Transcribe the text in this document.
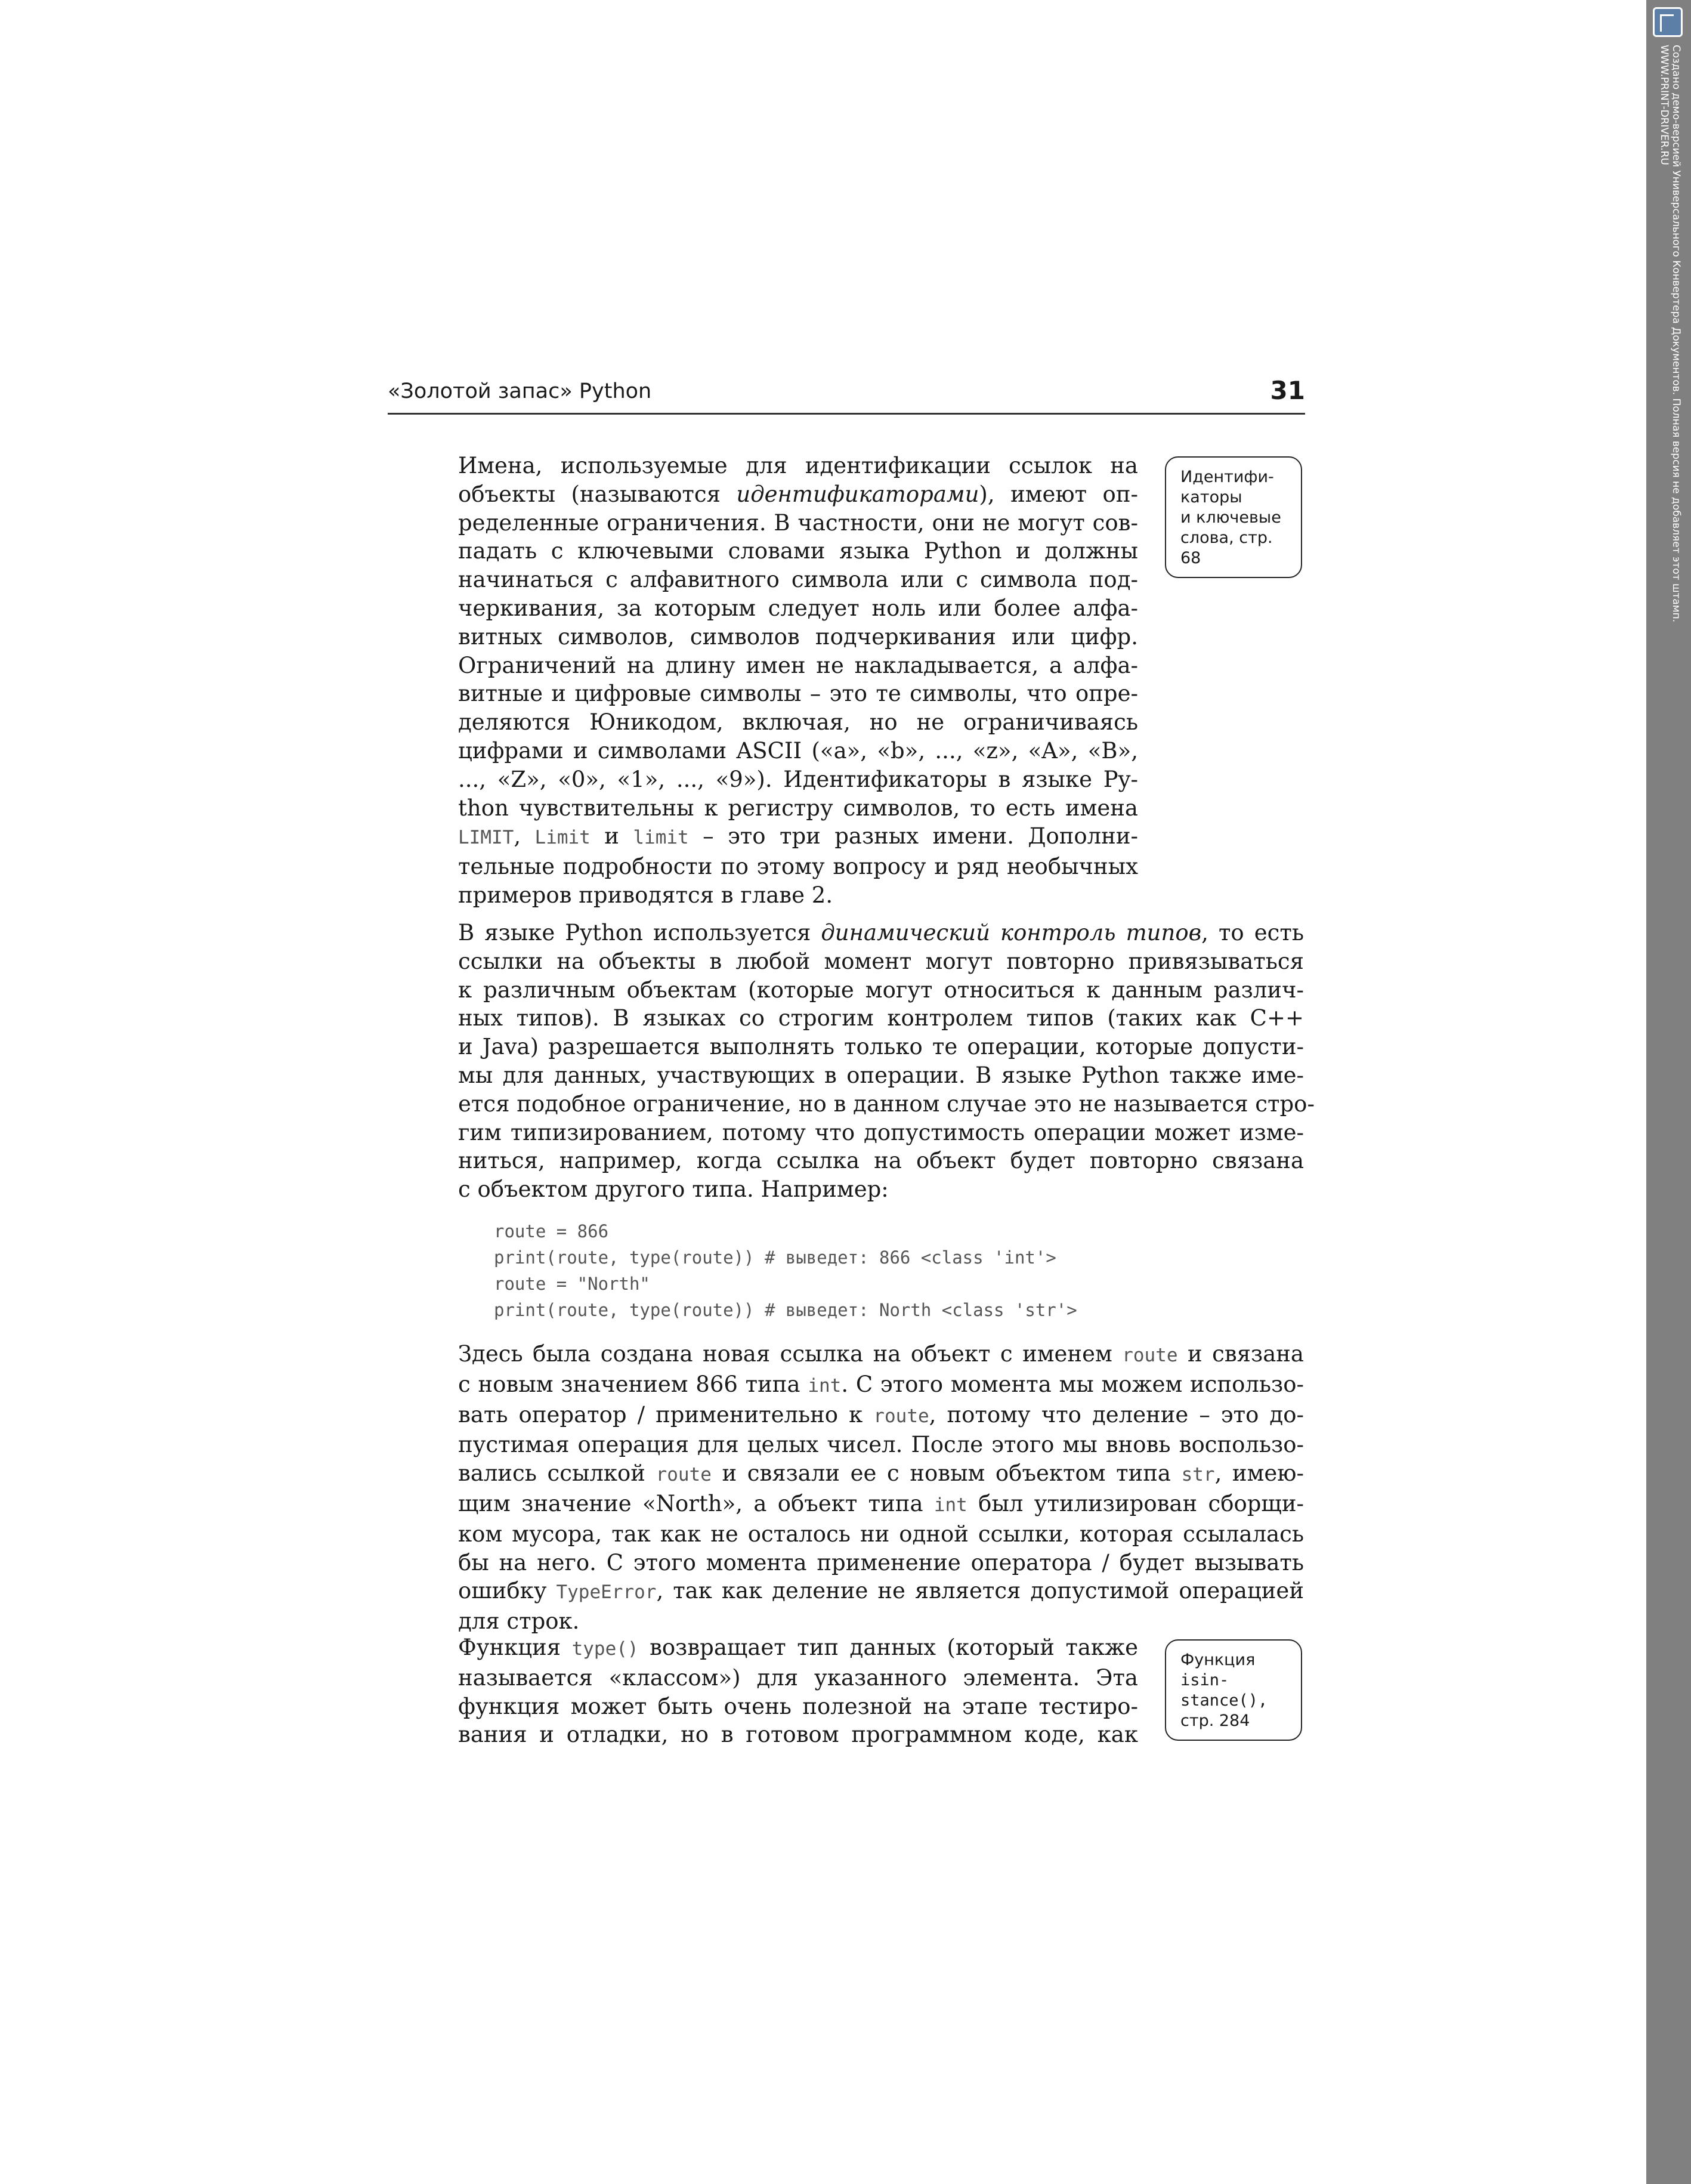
«Золотой запас» Python	31
Имена, используемые для идентификации ссылок на
объекты (называются идентификаторами), имеют оп-
ределенные ограничения. В частности, они не могут сов-
падать с ключевыми словами языка Python и должны
начинаться с алфавитного символа или с символа под-
черкивания, за которым следует ноль или более алфа-
витных символов, символов подчеркивания или цифр.
Ограничений на длину имен не накладывается, а алфа-
витные и цифровые символы – это те символы, что опре-
деляются Юникодом, включая, но не ограничиваясь
цифрами и символами ASCII («a», «b», ..., «z», «A», «B»,
..., «Z», «0», «1», ..., «9»). Идентификаторы в языке Py-
thon чувствительны к регистру символов, то есть имена
LIMIT, Limit и limit – это три разных имени. Дополни-
тельные подробности по этому вопросу и ряд необычных
примеров приводятся в главе 2.
Идентифи-
каторы
и ключевые
слова, стр. 68
В языке Python используется динамический контроль типов, то есть
ссылки на объекты в любой момент могут повторно привязываться
к различным объектам (которые могут относиться к данным различ-
ных типов). В языках со строгим контролем типов (таких как C++
и Java) разрешается выполнять только те операции, которые допусти-
мы для данных, участвующих в операции. В языке Python также име-
ется подобное ограничение, но в данном случае это не называется стро-
гим типизированием, потому что допустимость операции может изме-
ниться, например, когда ссылка на объект будет повторно связана
с объектом другого типа. Например:
route = 866
print(route, type(route)) # выведет: 866 <class 'int'>
route = "North"
print(route, type(route)) # выведет: North <class 'str'>
Здесь была создана новая ссылка на объект с именем route и связана
с новым значением 866 типа int. С этого момента мы можем использо-
вать оператор / применительно к route, потому что деление – это до-
пустимая операция для целых чисел. После этого мы вновь воспользо-
вались ссылкой route и связали ее с новым объектом типа str, имею-
щим значение «North», а объект типа int был утилизирован сборщи-
ком мусора, так как не осталось ни одной ссылки, которая ссылалась
бы на него. С этого момента применение оператора / будет вызывать
ошибку TypeError, так как деление не является допустимой операцией
для строк.
Функция type() возвращает тип данных (который также
называется «классом») для указанного элемента. Эта
функция может быть очень полезной на этапе тестиро-
вания и отладки, но в готовом программном коде, как
Функция
isin-
stance(),
стр. 284
Создано демо-версией Универсального Конвертера Документов. Полная версия не добавляет этот штамп.
WWW.PRINT-DRIVER.RU
